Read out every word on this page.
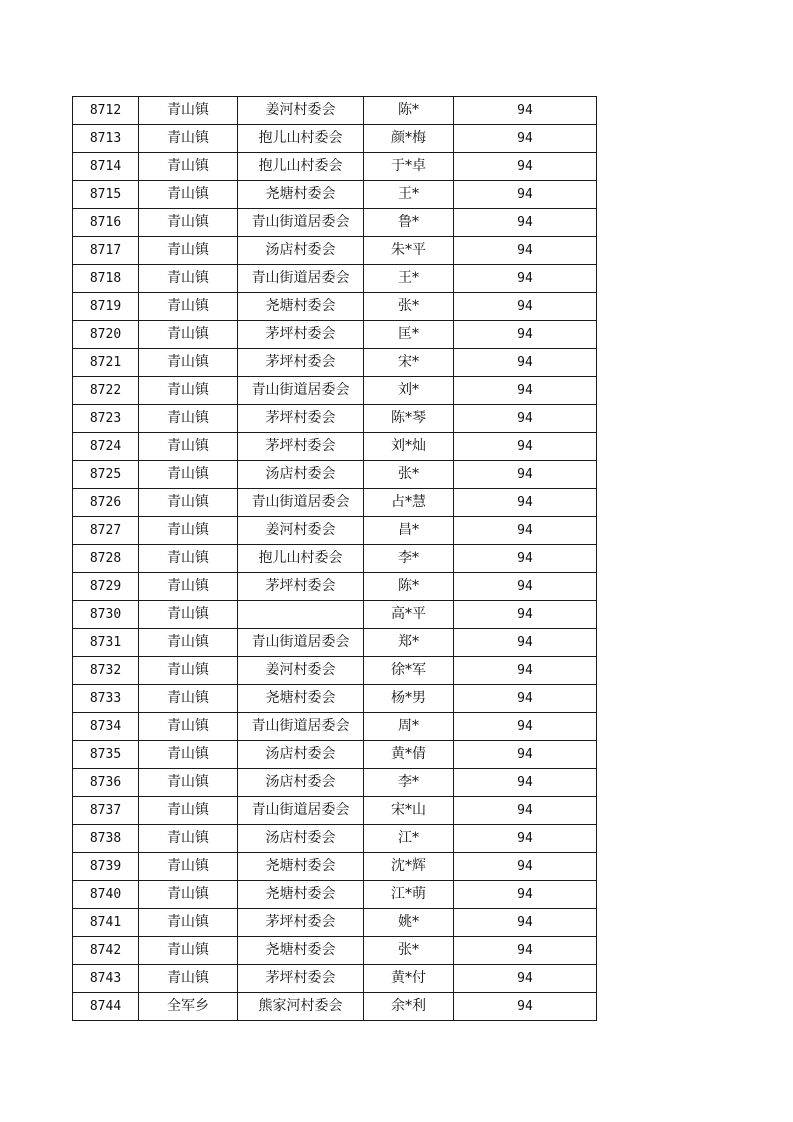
8712	青山镇	姜河村委会	陈*	94
8713	青山镇	抱儿山村委会	颜*梅	94
8714	青山镇	抱儿山村委会	于*卓	94
8715	青山镇	尧塘村委会	王*	94
8716	青山镇	青山街道居委会	鲁*	94
8717	青山镇	汤店村委会	朱*平	94
8718	青山镇	青山街道居委会	王*	94
8719	青山镇	尧塘村委会	张*	94
8720	青山镇	茅坪村委会	匡*	94
8721	青山镇	茅坪村委会	宋*	94
8722	青山镇	青山街道居委会	刘*	94
8723	青山镇	茅坪村委会	陈*琴	94
8724	青山镇	茅坪村委会	刘*灿	94
8725	青山镇	汤店村委会	张*	94
8726	青山镇	青山街道居委会	占*慧	94
8727	青山镇	姜河村委会	昌*	94
8728	青山镇	抱儿山村委会	李*	94
8729	青山镇	茅坪村委会	陈*	94
8730	青山镇		高*平	94
8731	青山镇	青山街道居委会	郑*	94
8732	青山镇	姜河村委会	徐*军	94
8733	青山镇	尧塘村委会	杨*男	94
8734	青山镇	青山街道居委会	周*	94
8735	青山镇	汤店村委会	黄*倩	94
8736	青山镇	汤店村委会	李*	94
8737	青山镇	青山街道居委会	宋*山	94
8738	青山镇	汤店村委会	江*	94
8739	青山镇	尧塘村委会	沈*辉	94
8740	青山镇	尧塘村委会	江*萌	94
8741	青山镇	茅坪村委会	姚*	94
8742	青山镇	尧塘村委会	张*	94
8743	青山镇	茅坪村委会	黄*付	94
8744	全军乡	熊家河村委会	余*利	94
